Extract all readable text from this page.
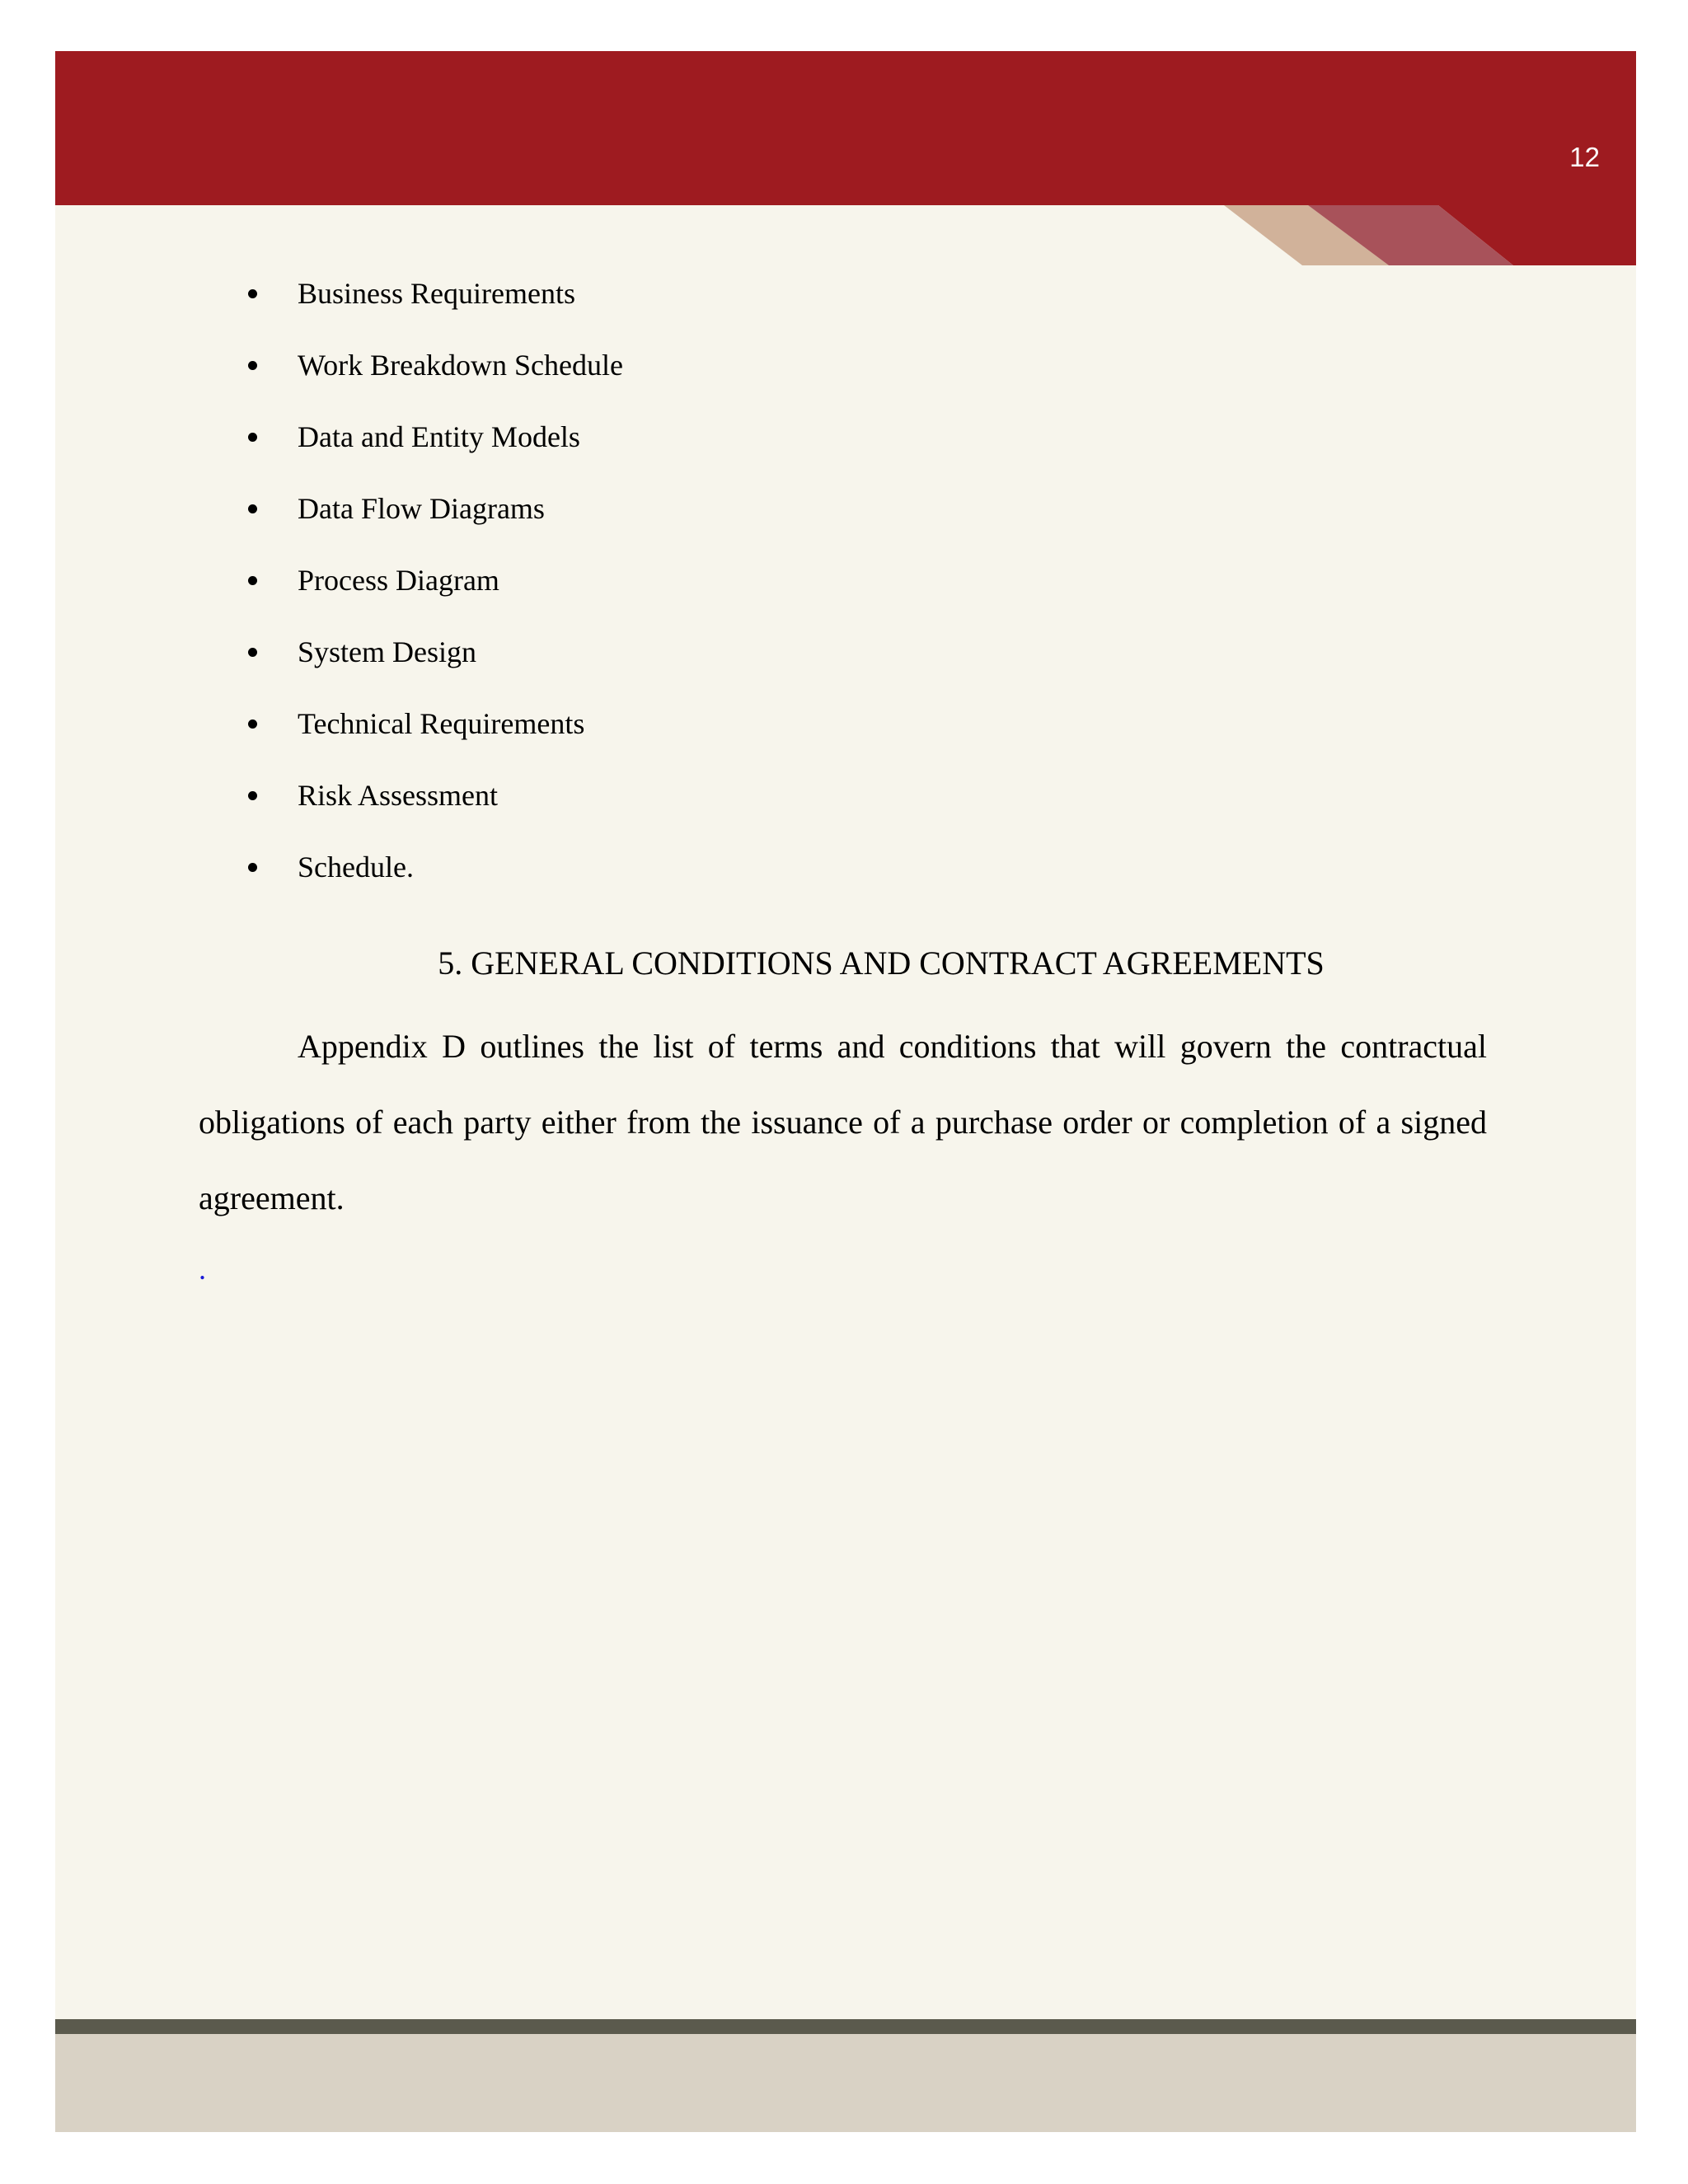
12
Business Requirements
Work Breakdown Schedule
Data and Entity Models
Data Flow Diagrams
Process Diagram
System Design
Technical Requirements
Risk Assessment
Schedule.
5. GENERAL CONDITIONS AND CONTRACT AGREEMENTS

Appendix D outlines the list of terms and conditions that will govern the contractual obligations of each party either from the issuance of a purchase order or completion of a signed agreement.

.
